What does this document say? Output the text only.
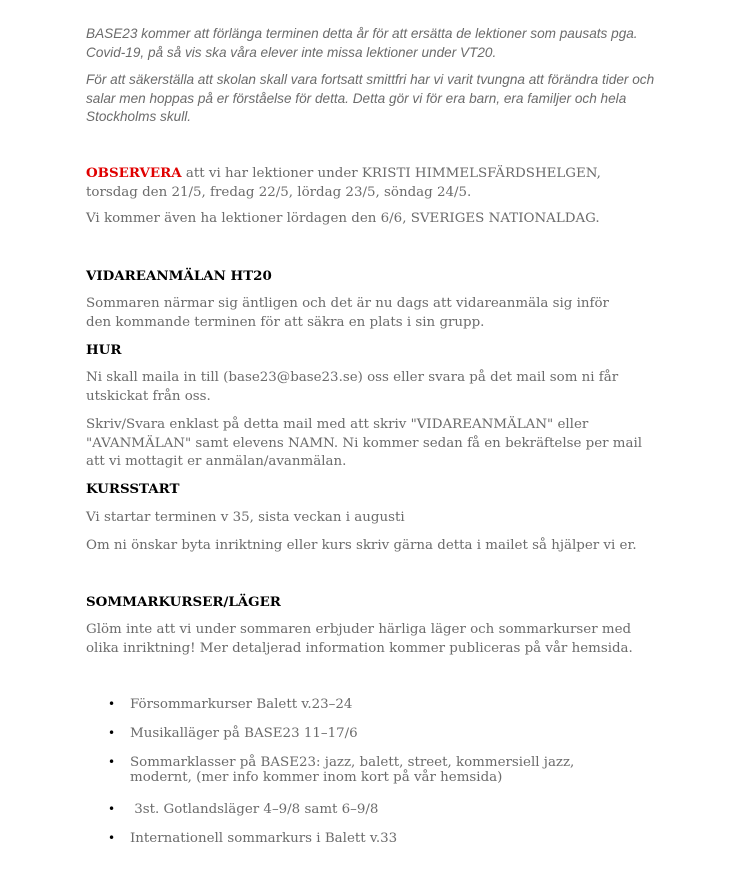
BASE23 kommer att förlänga terminen detta år för att ersätta de lektioner som pausats pga. Covid-19, på så vis ska våra elever inte missa lektioner under VT20.

För att säkerställa att skolan skall vara fortsatt smittfri har vi varit tvungna att förändra tider och salar men hoppas på er förståelse för detta. Detta gör vi för era barn, era familjer och hela Stockholms skull.

OBSERVERA att vi har lektioner under KRISTI HIMMELSFÄRDSHELGEN, torsdag den 21/5, fredag 22/5, lördag 23/5, söndag 24/5.

Vi kommer även ha lektioner lördagen den 6/6, SVERIGES NATIONALDAG.

VIDAREANMÄLAN HT20

Sommaren närmar sig äntligen och det är nu dags att vidareanmäla sig inför den kommande terminen för att säkra en plats i sin grupp.

HUR

Ni skall maila in till (base23@base23.se) oss eller svara på det mail som ni får utskickat från oss.

Skriv/Svara enklast på detta mail med att skriv "VIDAREANMÄLAN" eller "AVANMÄLAN" samt elevens NAMN. Ni kommer sedan få en bekräftelse per mail att vi mottagit er anmälan/avanmälan.

KURSSTART

Vi startar terminen v 35, sista veckan i augusti

Om ni önskar byta inriktning eller kurs skriv gärna detta i mailet så hjälper vi er.

SOMMARKURSER/LÄGER

Glöm inte att vi under sommaren erbjuder härliga läger och sommarkurser med olika inriktning! Mer detaljerad information kommer publiceras på vår hemsida.

• Försommarkurser Balett v.23–24
• Musikalläger på BASE23 11–17/6
• Sommarklasser på BASE23: jazz, balett, street, kommersiell jazz, modernt, (mer info kommer inom kort på vår hemsida)
• 3st. Gotlandsläger 4–9/8 samt 6–9/8
• Internationell sommarkurs i Balett v.33
